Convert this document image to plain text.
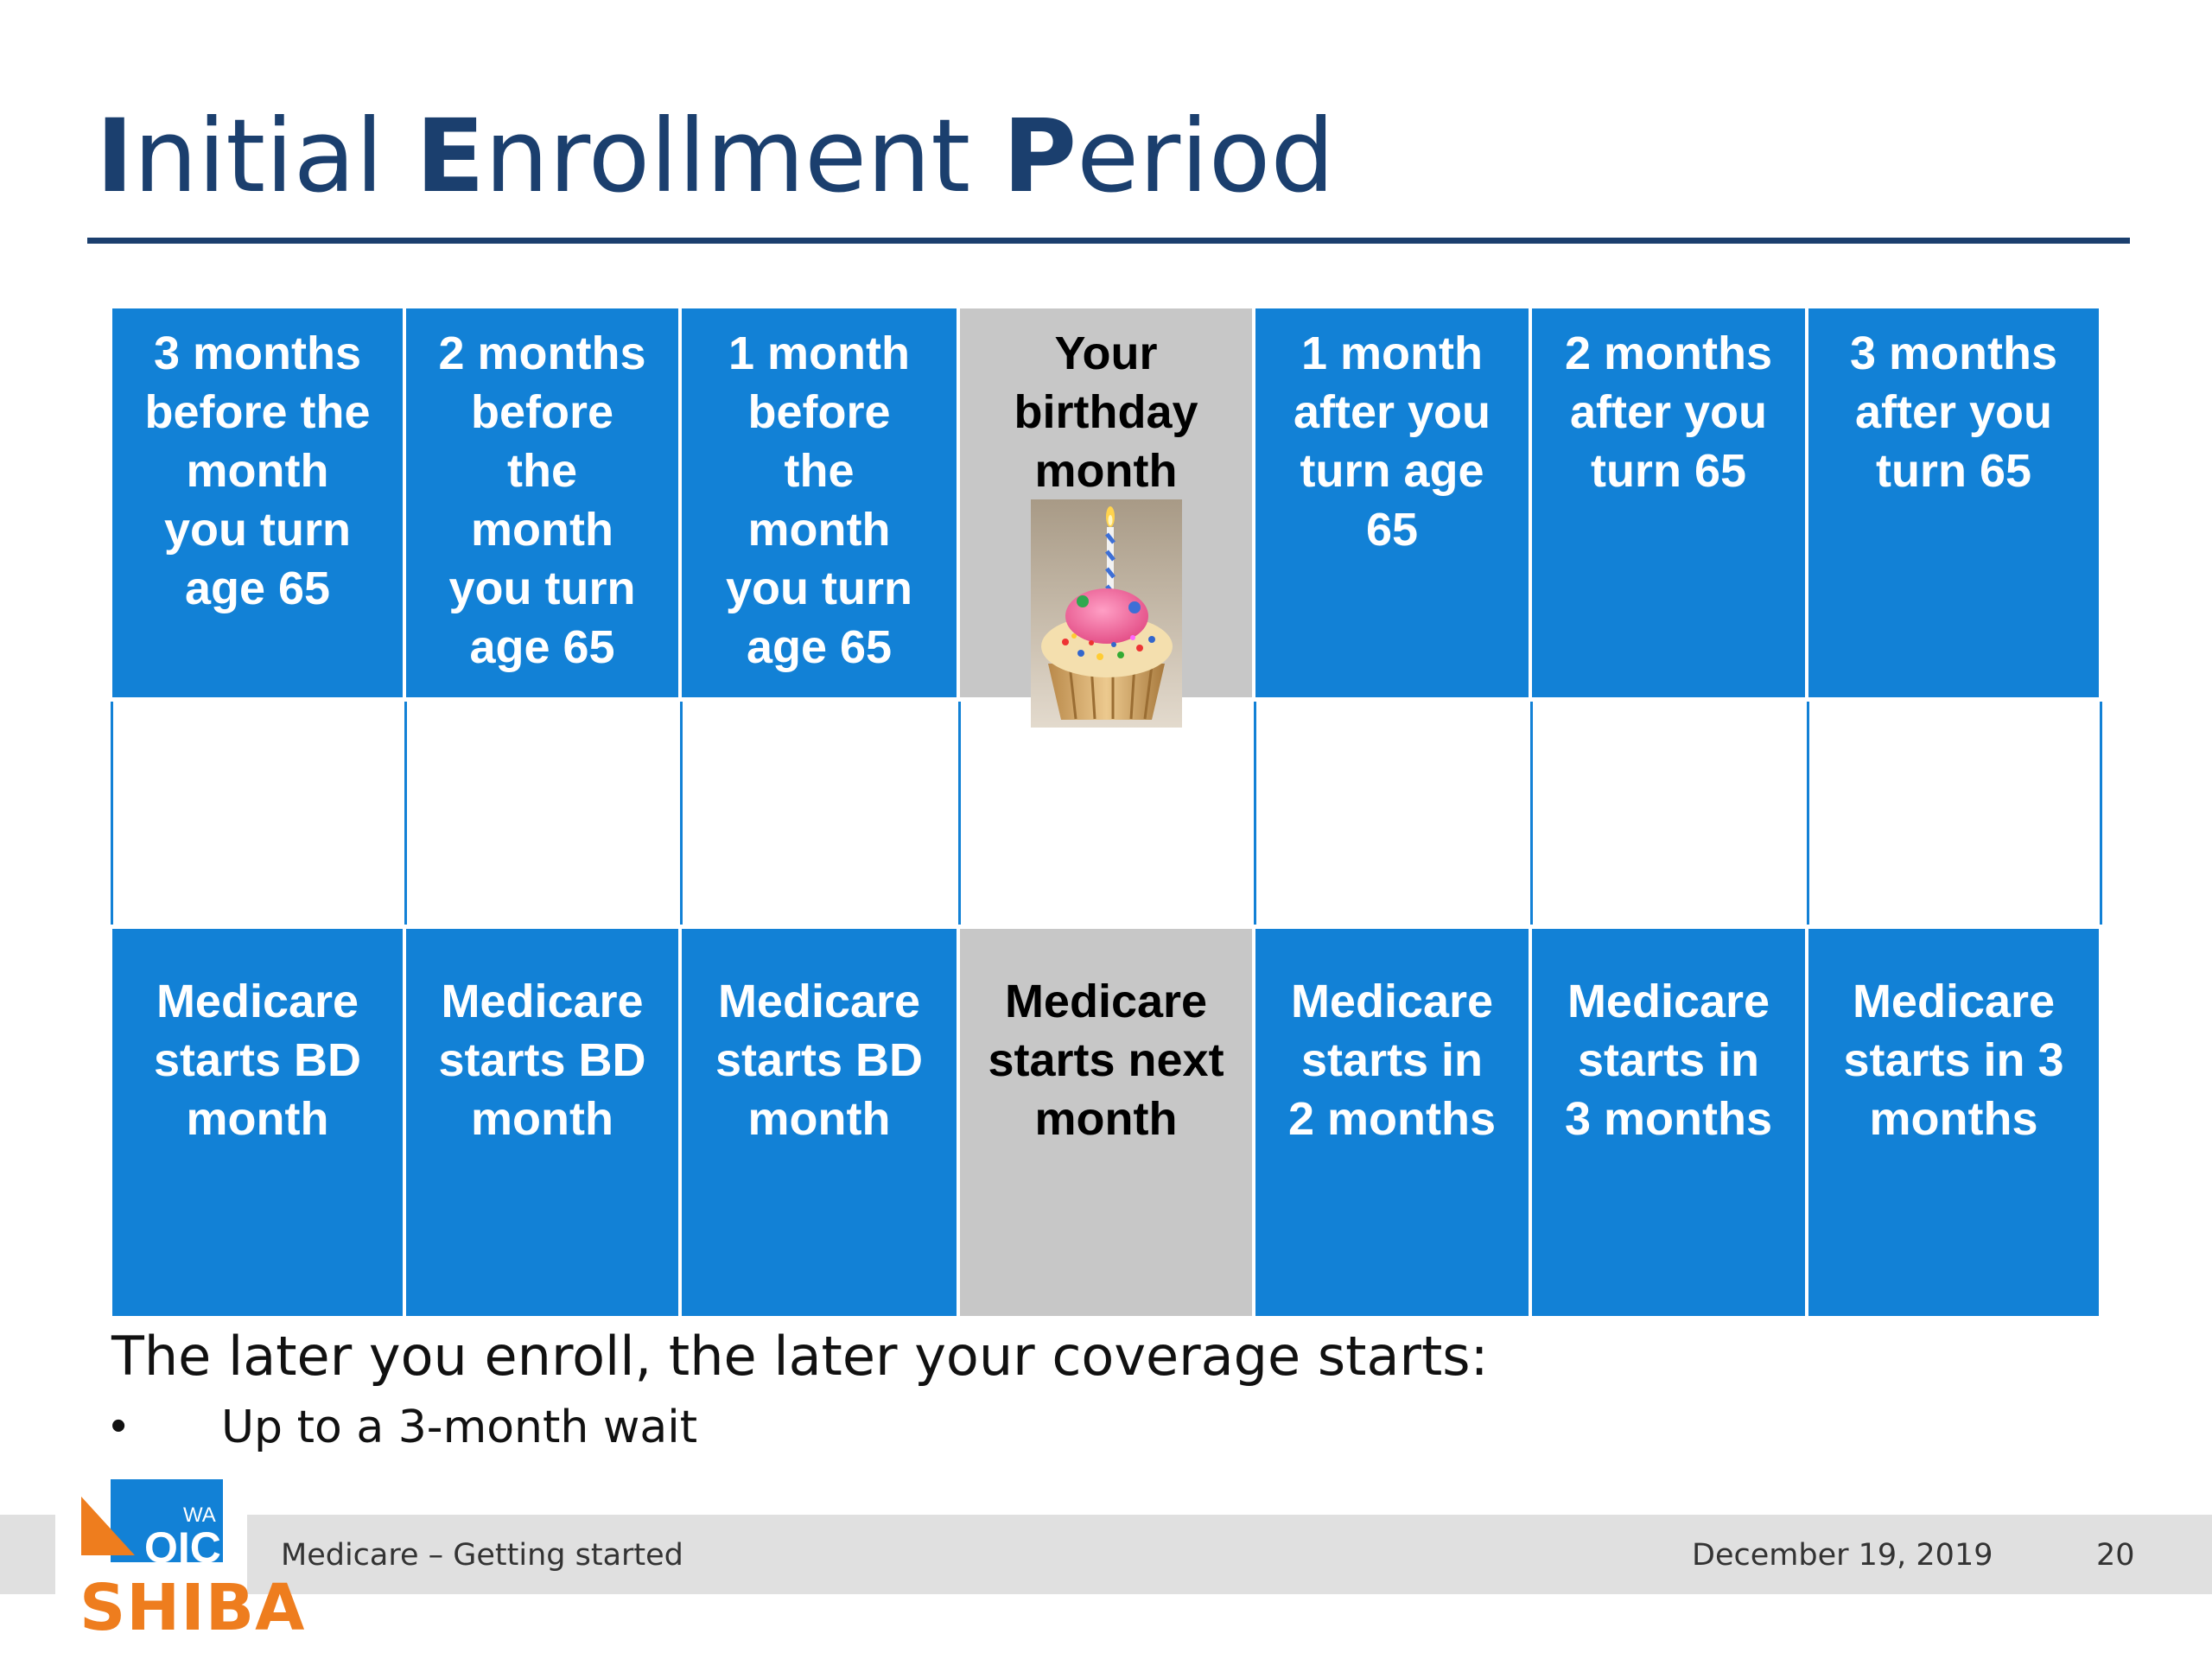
Initial Enrollment Period
3 months
before the
month
you turn
age 65
2 months
before
the
month
you turn
age 65
1 month
before
the
month
you turn
age 65
Your
birthday
month
1 month
after you
turn age
65
2 months
after you
turn 65
3 months
after you
turn 65
Medicare
starts BD
month
Medicare
starts BD
month
Medicare
starts BD
month
Medicare
starts next
month
Medicare
starts in
2 months
Medicare
starts in
3 months
Medicare
starts in 3
months
The later you enroll, the later your coverage starts:
• Up to a 3-month wait
WA
OIC
SHIBA
Medicare – Getting started	December 19, 2019	20
